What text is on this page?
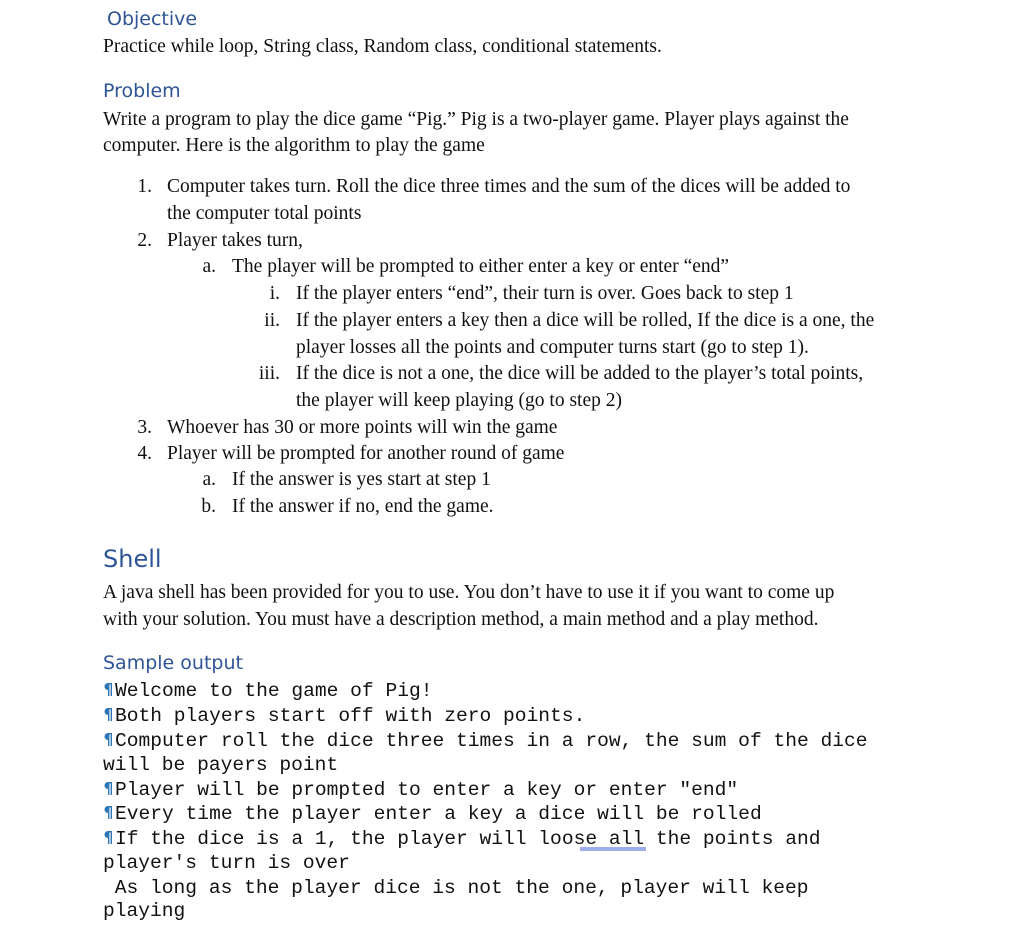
Objective

Practice while loop, String class, Random class, conditional statements.

Problem

Write a program to play the dice game “Pig.” Pig is a two-player game. Player plays against the

computer. Here is the algorithm to play the game

1. Computer takes turn. Roll the dice three times and the sum of the dices will be added to

the computer total points

2. Player takes turn,

a. The player will be prompted to either enter a key or enter “end”

i. If the player enters “end”, their turn is over. Goes back to step 1

ii. If the player enters a key then a dice will be rolled, If the dice is a one, the

player losses all the points and computer turns start (go to step 1).

iii. If the dice is not a one, the dice will be added to the player’s total points,

the player will keep playing (go to step 2)

3. Whoever has 30 or more points will win the game

4. Player will be prompted for another round of game

a. If the answer is yes start at step 1

b. If the answer if no, end the game.

Shell

A java shell has been provided for you to use. You don’t have to use it if you want to come up

with your solution. You must have a description method, a main method and a play method.

Sample output
Welcome to the game of Pig!
Both players start off with zero points.
Computer roll the dice three times in a row, the sum of the dice
will be payers point
Player will be prompted to enter a key or enter "end"
Every time the player enter a key a dice will be rolled
If the dice is a 1, the player will loose all the points and
player's turn is over
As long as the player dice is not the one, player will keep
playing
